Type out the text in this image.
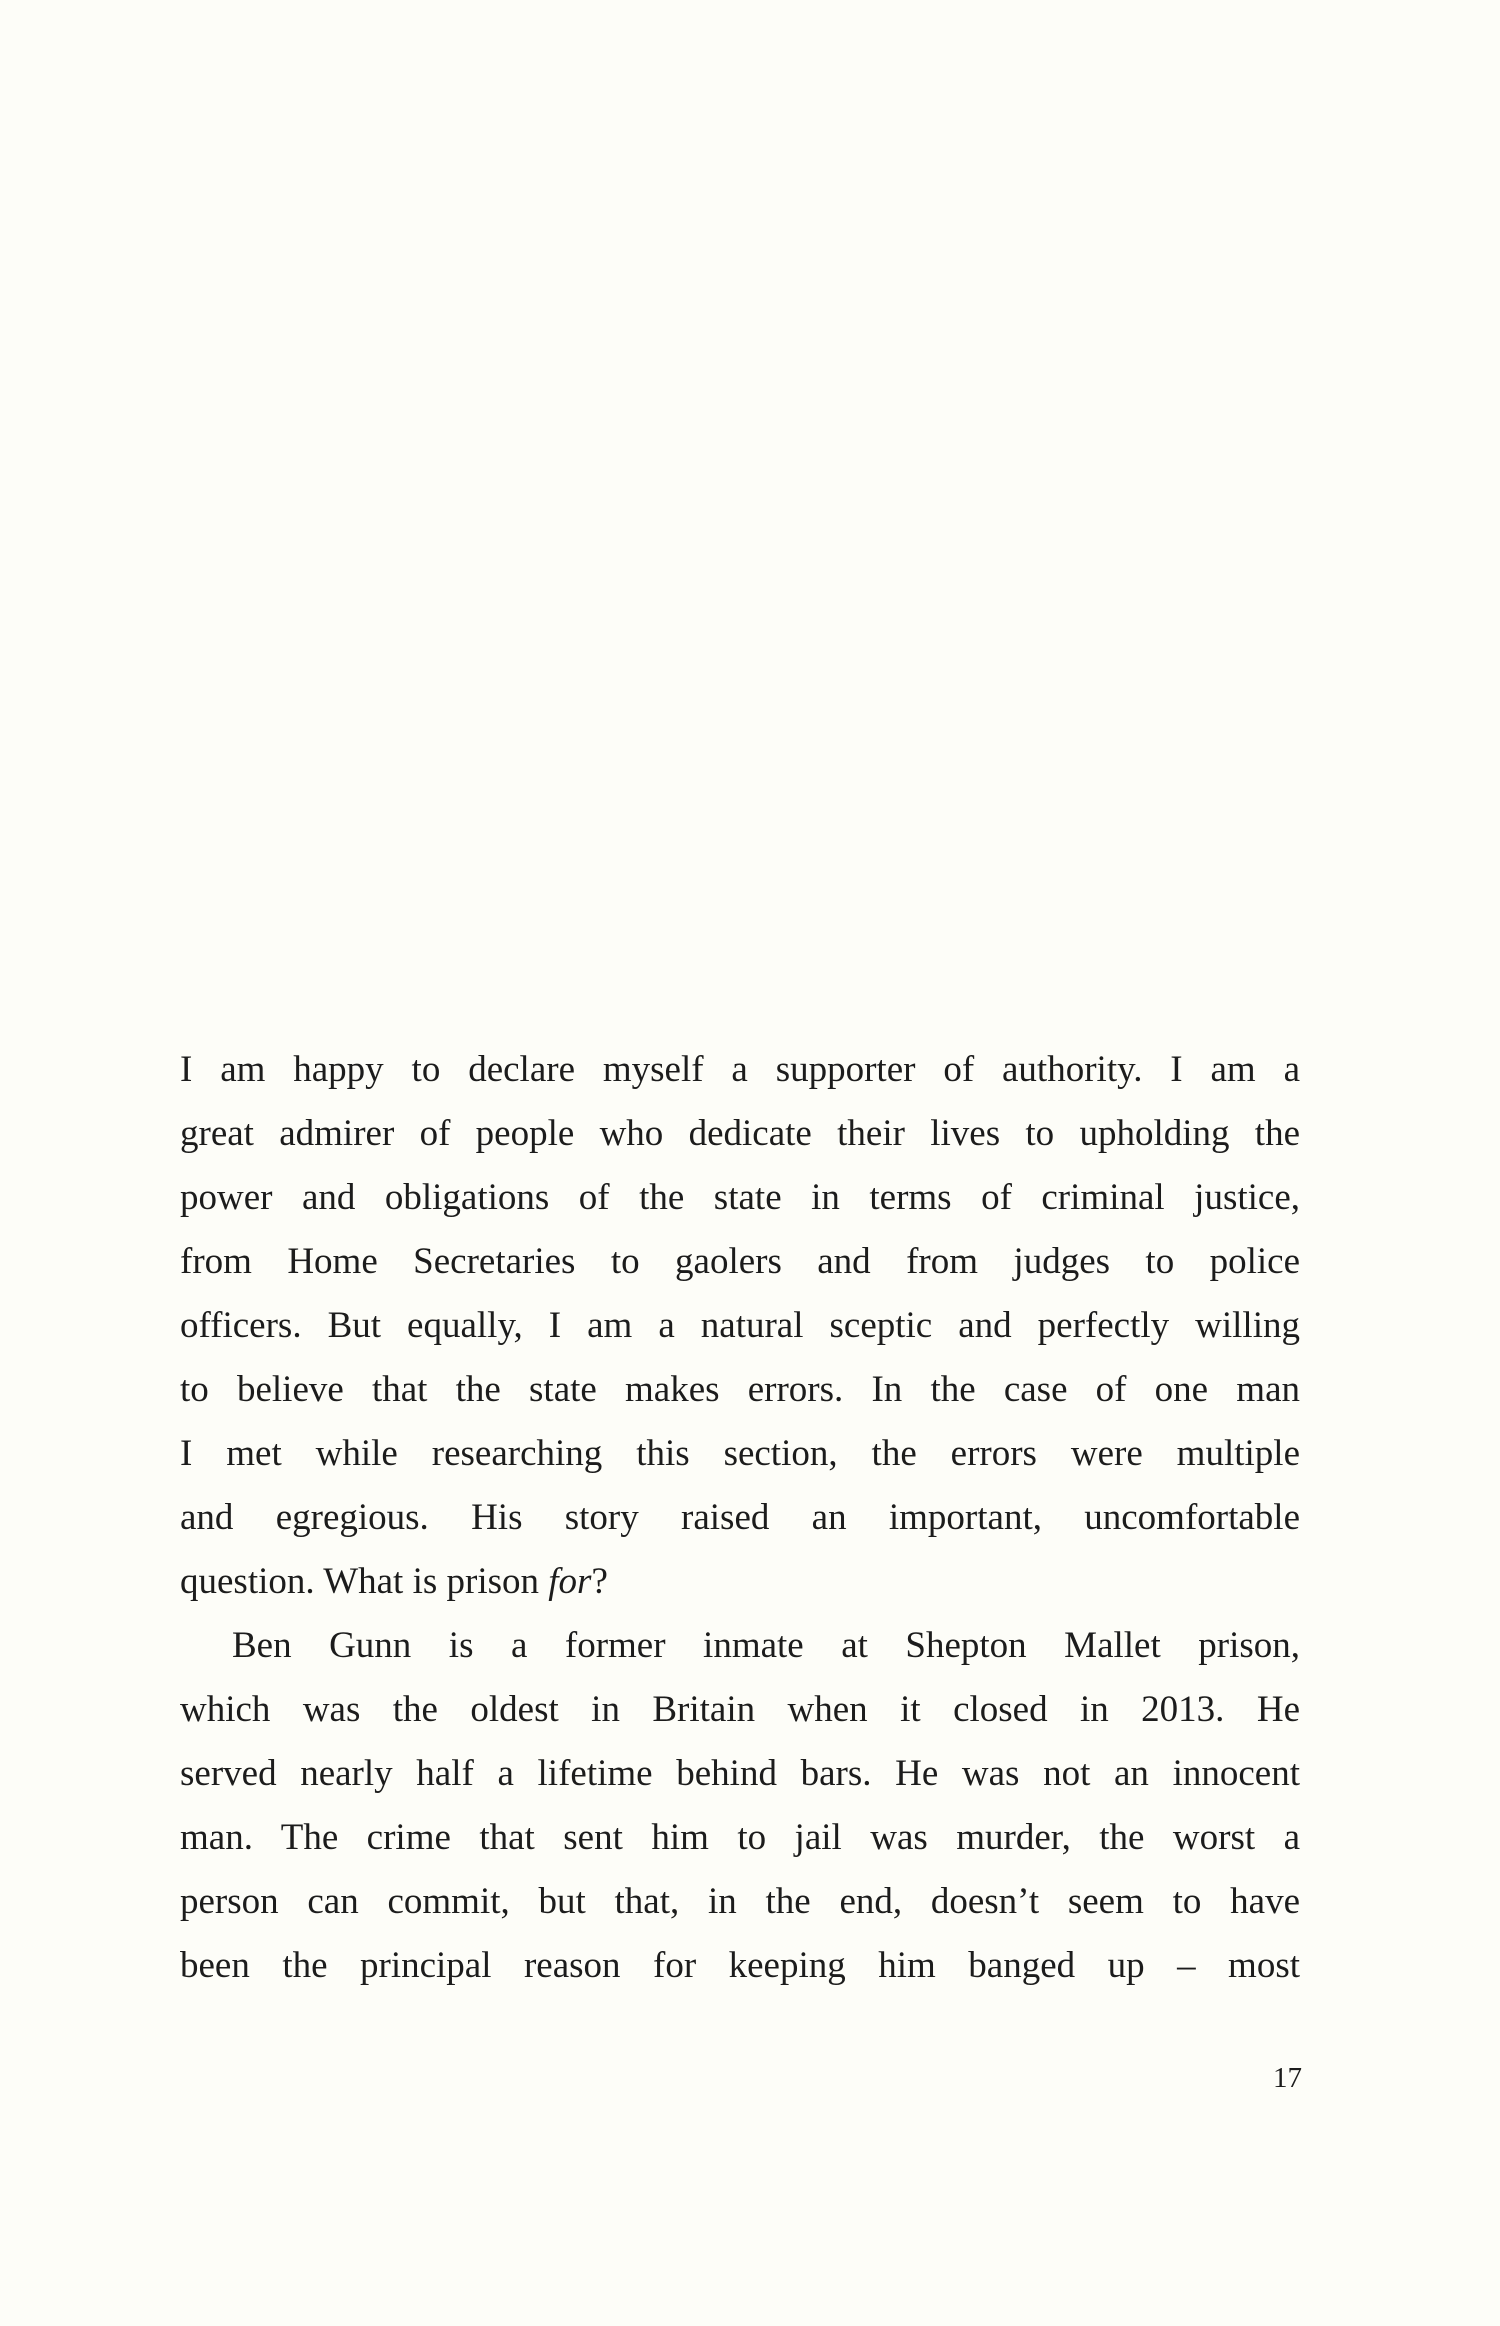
I am happy to declare myself a supporter of authority. I am a
great admirer of people who dedicate their lives to upholding the
power and obligations of the state in terms of criminal justice,
from Home Secretaries to gaolers and from judges to police
officers. But equally, I am a natural sceptic and perfectly willing
to believe that the state makes errors. In the case of one man
I met while researching this section, the errors were multiple
and egregious. His story raised an important, uncomfortable
question. What is prison for?
Ben Gunn is a former inmate at Shepton Mallet prison,
which was the oldest in Britain when it closed in 2013. He
served nearly half a lifetime behind bars. He was not an innocent
man. The crime that sent him to jail was murder, the worst a
person can commit, but that, in the end, doesn’t seem to have
been the principal reason for keeping him banged up – most
17
